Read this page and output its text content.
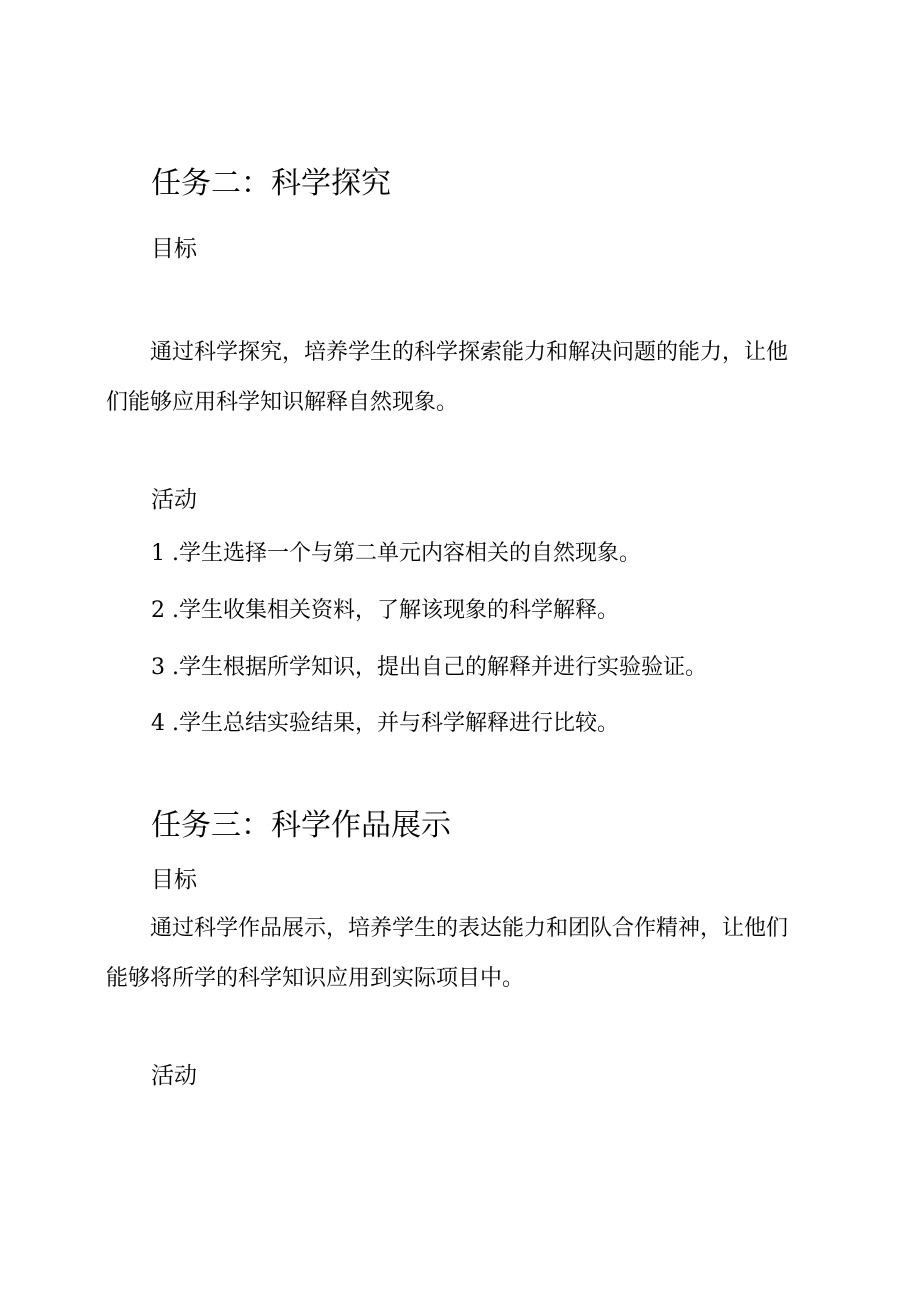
任务二：科学探究
目标
通过科学探究，培养学生的科学探索能力和解决问题的能力，让他们能够应用科学知识解释自然现象。
活动
1 .学生选择一个与第二单元内容相关的自然现象。
2 .学生收集相关资料，了解该现象的科学解释。
3 .学生根据所学知识，提出自己的解释并进行实验验证。
4 .学生总结实验结果，并与科学解释进行比较。
任务三：科学作品展示
目标
通过科学作品展示，培养学生的表达能力和团队合作精神，让他们能够将所学的科学知识应用到实际项目中。
活动
